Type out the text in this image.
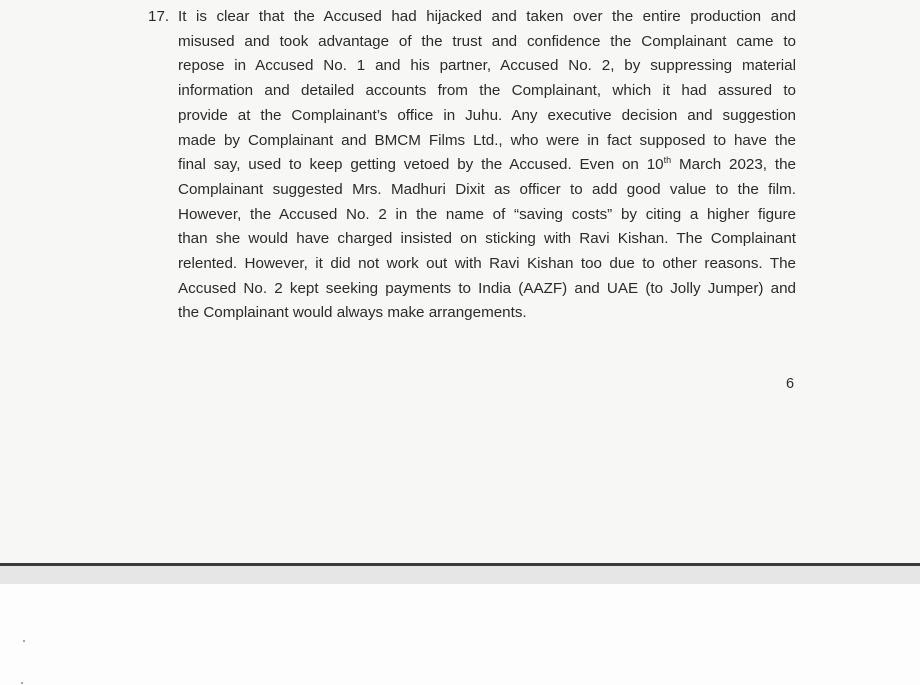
17. It is clear that the Accused had hijacked and taken over the entire production and
misused and took advantage of the trust and confidence the Complainant came to
repose in Accused No. 1 and his partner, Accused No. 2, by suppressing material
information and detailed accounts from the Complainant, which it had assured to
provide at the Complainant’s office in Juhu. Any executive decision and suggestion
made by Complainant and BMCM Films Ltd., who were in fact supposed to have the
final say, used to keep getting vetoed by the Accused. Even on 10th March 2023, the
Complainant suggested Mrs. Madhuri Dixit as officer to add good value to the film.
However, the Accused No. 2 in the name of “saving costs” by citing a higher figure
than she would have charged insisted on sticking with Ravi Kishan. The Complainant
relented. However, it did not work out with Ravi Kishan too due to other reasons. The
Accused No. 2 kept seeking payments to India (AAZF) and UAE (to Jolly Jumper) and
the Complainant would always make arrangements.
6
